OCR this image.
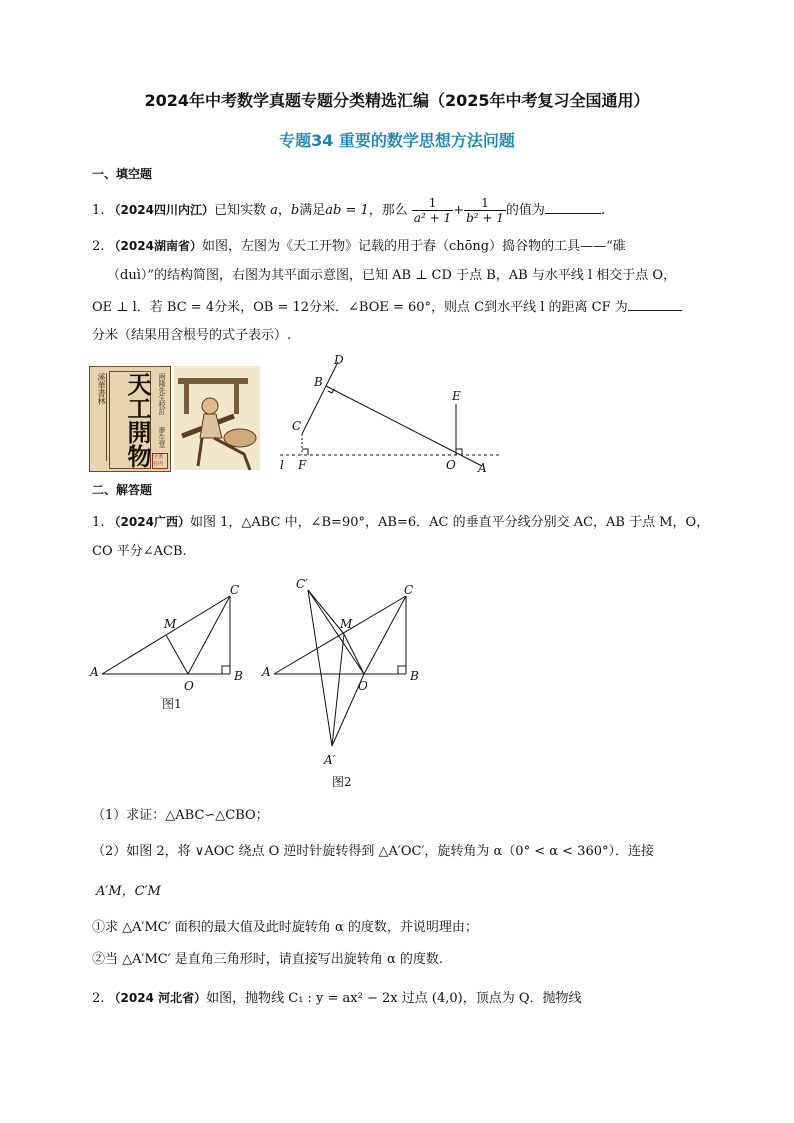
2024年中考数学真题专题分类精选汇编（2025年中考复习全国通用）
专题34 重要的数学思想方法问题
一、填空题
1. （2024四川内江）已知实数 a，b满足ab = 1，那么 $\frac{1}{\text{a² + 1}} + \frac{1}{\text{b² + 1}}$ 的值为	.
2. （2024湖南省）如图，左图为《天工开物》记载的用于舂（chōng）捣谷物的工具——“碓
（duì）”的结构简图，右图为其平面示意图，已知 AB ⊥ CD 于点 B，AB 与水平线 l 相交于点 O，
OE ⊥ l．若 BC = 4分米，OB = 12分米．∠BOE = 60°，则点 C到水平线 l 的距离 CF 为
分米（结果用含根号的式子表示）.
溪華書林 天工開物 兩隆先生校訂
夢生堂
全書在內
D
B
C
F
l	O A
E
二、解答题
1. （2024广西）如图 1，△ABC 中，∠B=90°，AB=6．AC 的垂直平分线分别交 AC，AB 于点 M，O，
CO 平分∠ACB.
A
O
B
C
M
图1
A
O
B
C
M
C′
A′
图2
（1）求证：△ABC∽△CBO；
（2）如图 2，将 ∨AOC 绕点 O 逆时针旋转得到 △A′OC′，旋转角为 α（0° < α < 360°）．连接
A′M，C′M
①求 △A′MC′ 面积的最大值及此时旋转角 α 的度数，并说明理由；
②当 △A′MC′ 是直角三角形时，请直接写出旋转角 α 的度数.
2. （2024 河北省）如图，抛物线 C₁ : y = ax² − 2x 过点 (4,0)，顶点为 Q．抛物线
